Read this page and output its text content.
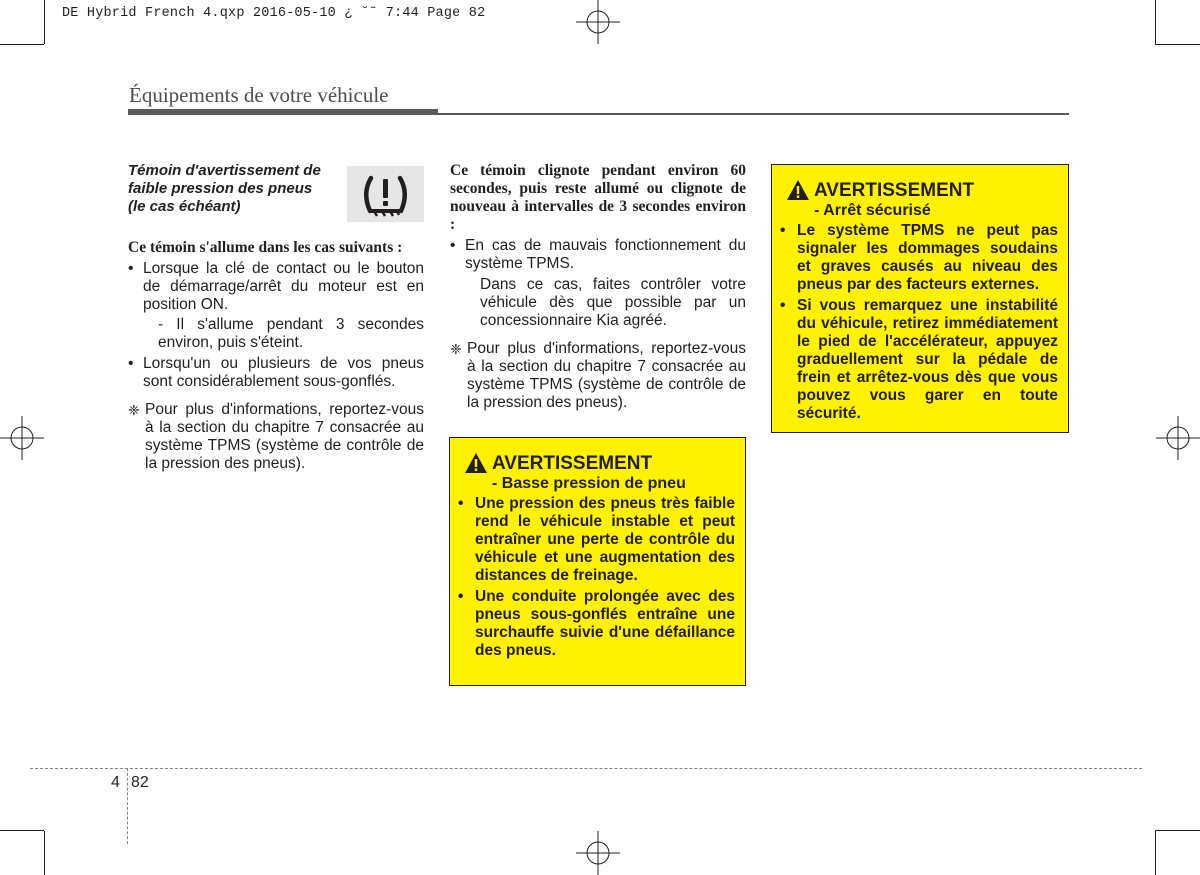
DE Hybrid French 4.qxp 2016-05-10 ¿ ˘˜ 7:44 Page 82
Équipements de votre véhicule
Témoin d'avertissement de faible pression des pneus (le cas échéant)
Ce témoin s'allume dans les cas suivants :
• Lorsque la clé de contact ou le bouton de démarrage/arrêt du moteur est en position ON.
- Il s'allume pendant 3 secondes environ, puis s'éteint.
• Lorsqu'un ou plusieurs de vos pneus sont considérablement sous-gonflés.
❈ Pour plus d'informations, reportez-vous à la section du chapitre 7 consacrée au système TPMS (système de contrôle de la pression des pneus).
Ce témoin clignote pendant environ 60 secondes, puis reste allumé ou clignote de nouveau à intervalles de 3 secondes environ :
• En cas de mauvais fonctionnement du système TPMS.
Dans ce cas, faites contrôler votre véhicule dès que possible par un concessionnaire Kia agréé.
❈ Pour plus d'informations, reportez-vous à la section du chapitre 7 consacrée au système TPMS (système de contrôle de la pression des pneus).
AVERTISSEMENT
- Basse pression de pneu
• Une pression des pneus très faible rend le véhicule instable et peut entraîner une perte de contrôle du véhicule et une augmentation des distances de freinage.
• Une conduite prolongée avec des pneus sous-gonflés entraîne une surchauffe suivie d'une défaillance des pneus.
AVERTISSEMENT
- Arrêt sécurisé
• Le système TPMS ne peut pas signaler les dommages soudains et graves causés au niveau des pneus par des facteurs externes.
• Si vous remarquez une instabilité du véhicule, retirez immédiatement le pied de l'accélérateur, appuyez graduellement sur la pédale de frein et arrêtez-vous dès que vous pouvez vous garer en toute sécurité.
4 82
